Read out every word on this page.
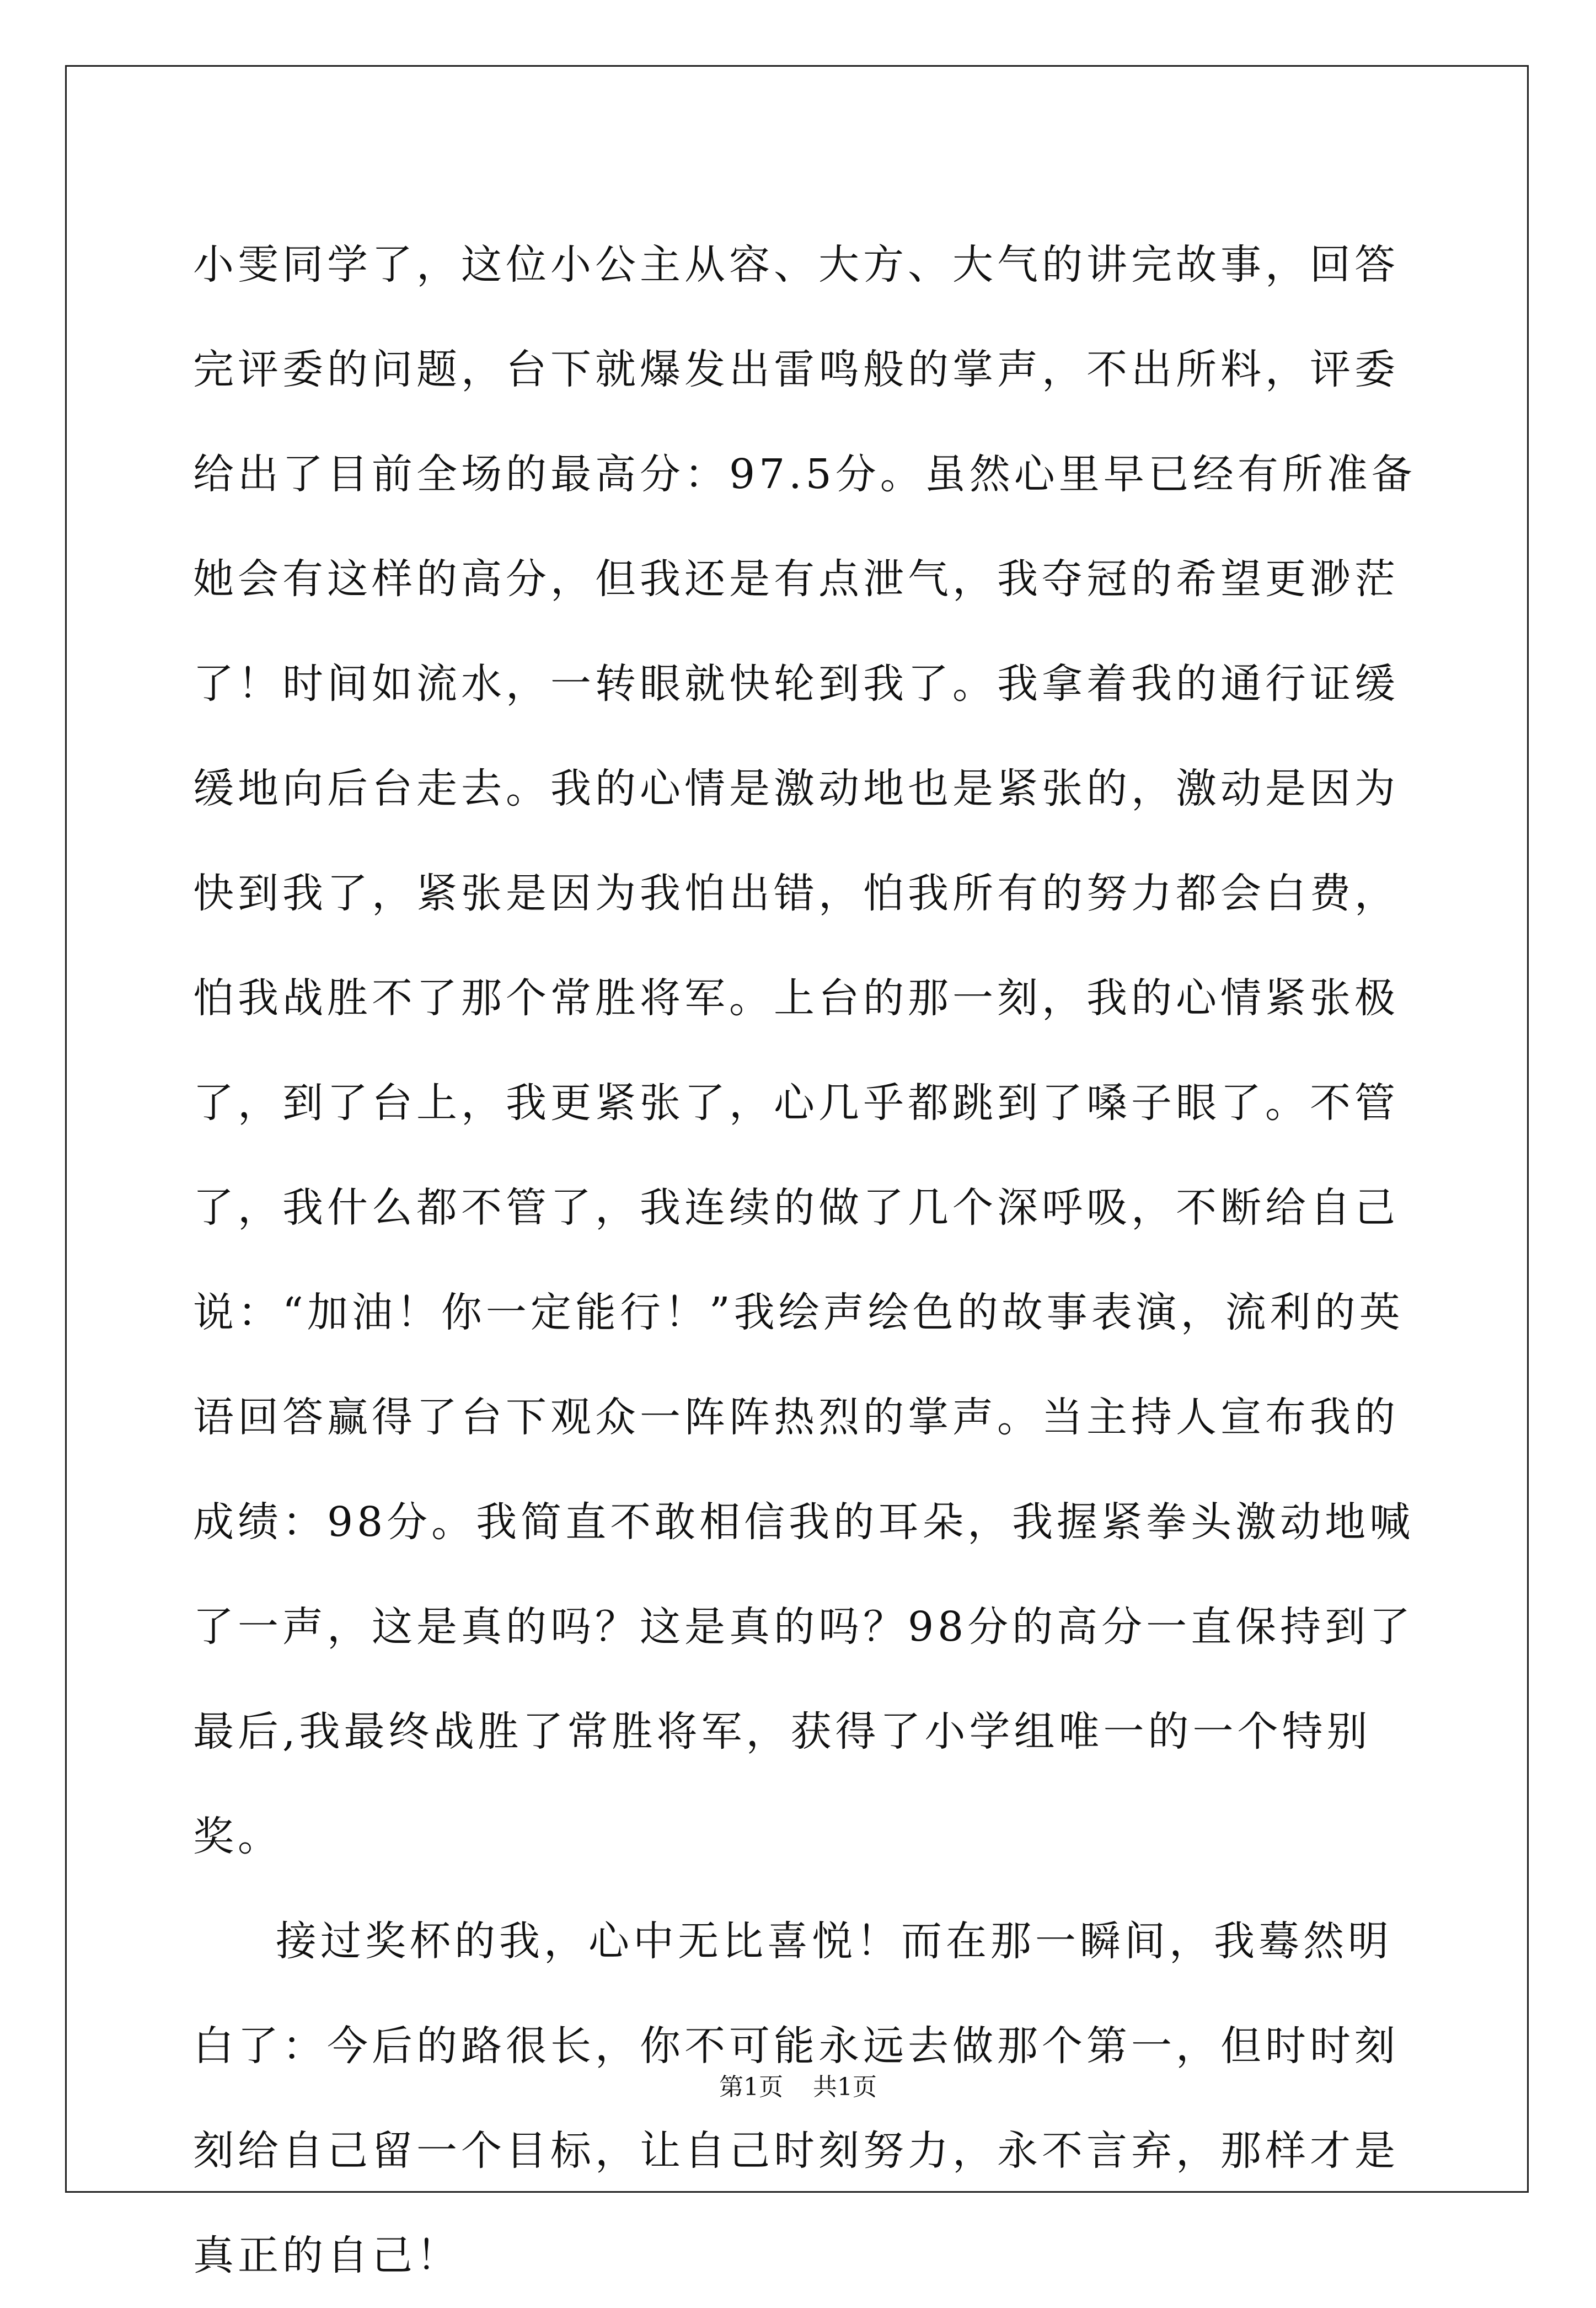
小雯同学了，这位小公主从容、大方、大气的讲完故事，回答完评委的问题，台下就爆发出雷鸣般的掌声，不出所料，评委给出了目前全场的最高分：97.5分。虽然心里早已经有所准备她会有这样的高分，但我还是有点泄气，我夺冠的希望更渺茫了！时间如流水，一转眼就快轮到我了。我拿着我的通行证缓缓地向后台走去。我的心情是激动地也是紧张的，激动是因为快到我了，紧张是因为我怕出错，怕我所有的努力都会白费，怕我战胜不了那个常胜将军。上台的那一刻，我的心情紧张极了，到了台上，我更紧张了，心几乎都跳到了嗓子眼了。不管了，我什么都不管了，我连续的做了几个深呼吸，不断给自己说：“加油！你一定能行！”我绘声绘色的故事表演，流利的英语回答赢得了台下观众一阵阵热烈的掌声。当主持人宣布我的成绩：98分。我简直不敢相信我的耳朵，我握紧拳头激动地喊了一声，这是真的吗？这是真的吗？98分的高分一直保持到了最后,我最终战胜了常胜将军，获得了小学组唯一的一个特别奖。

接过奖杯的我，心中无比喜悦！而在那一瞬间，我蓦然明白了：今后的路很长，你不可能永远去做那个第一，但时时刻刻给自己留一个目标，让自己时刻努力，永不言弃，那样才是真正的自己！

第1页 共1页
